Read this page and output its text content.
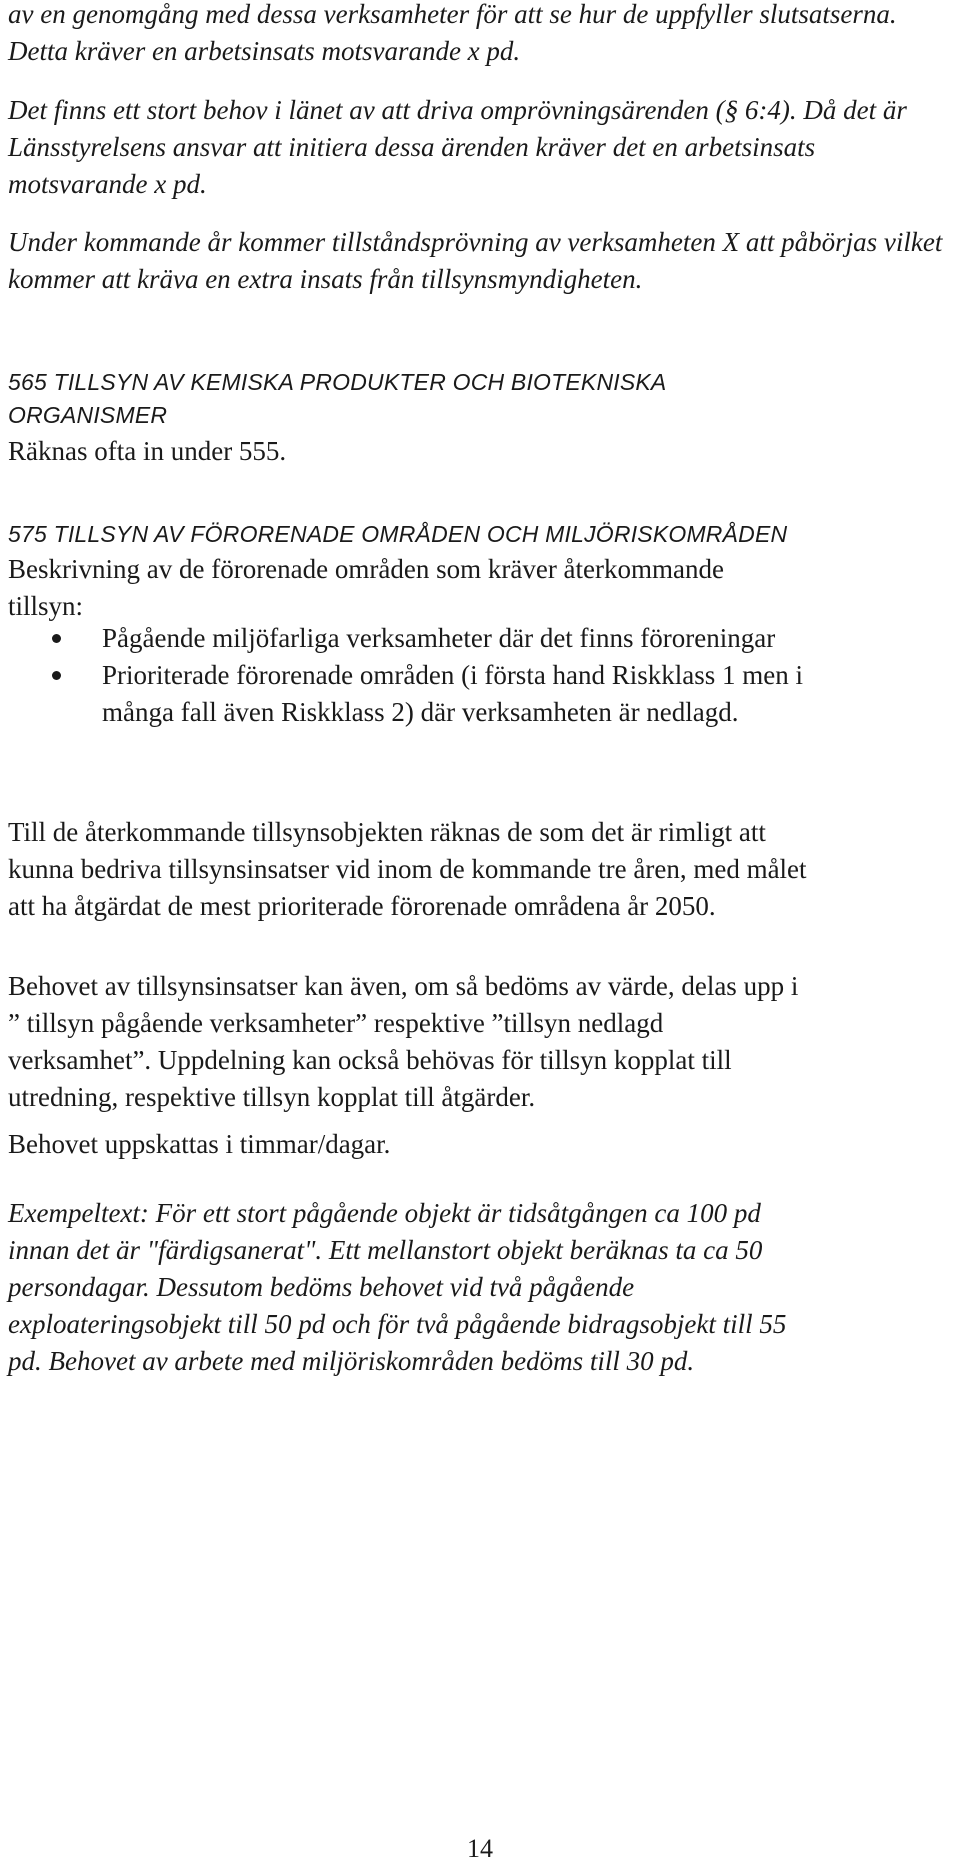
av en genomgång med dessa verksamheter för att se hur de uppfyller slutsatserna. Detta kräver en arbetsinsats motsvarande x pd.

Det finns ett stort behov i länet av att driva omprövningsärenden (§ 6:4). Då det är Länsstyrelsens ansvar att initiera dessa ärenden kräver det en arbetsinsats motsvarande x pd.

Under kommande år kommer tillståndsprövning av verksamheten X att påbörjas vilket kommer att kräva en extra insats från tillsynsmyndigheten.

565 TILLSYN AV KEMISKA PRODUKTER OCH BIOTEKNISKA ORGANISMER

Räknas ofta in under 555.

575 TILLSYN AV FÖRORENADE OMRÅDEN OCH MILJÖRISKOMRÅDEN

Beskrivning av de förorenade områden som kräver återkommande tillsyn:

Pågående miljöfarliga verksamheter där det finns föroreningar
Prioriterade förorenade områden (i första hand Riskklass 1 men i många fall även Riskklass 2) där verksamheten är nedlagd.

Till de återkommande tillsynsobjekten räknas de som det är rimligt att kunna bedriva tillsynsinsatser vid inom de kommande tre åren, med målet att ha åtgärdat de mest prioriterade förorenade områdena år 2050.

Behovet av tillsynsinsatser kan även, om så bedöms av värde, delas upp i ” tillsyn pågående verksamheter” respektive ”tillsyn nedlagd verksamhet”. Uppdelning kan också behövas för tillsyn kopplat till utredning, respektive tillsyn kopplat till åtgärder.

Behovet uppskattas i timmar/dagar.

Exempeltext: För ett stort pågående objekt är tidsåtgången ca 100 pd innan det är "färdigsanerat". Ett mellanstort objekt beräknas ta ca 50 persondagar. Dessutom bedöms behovet vid två pågående exploateringsobjekt till 50 pd och för två pågående bidragsobjekt till 55 pd. Behovet av arbete med miljöriskområden bedöms till 30 pd.

14
